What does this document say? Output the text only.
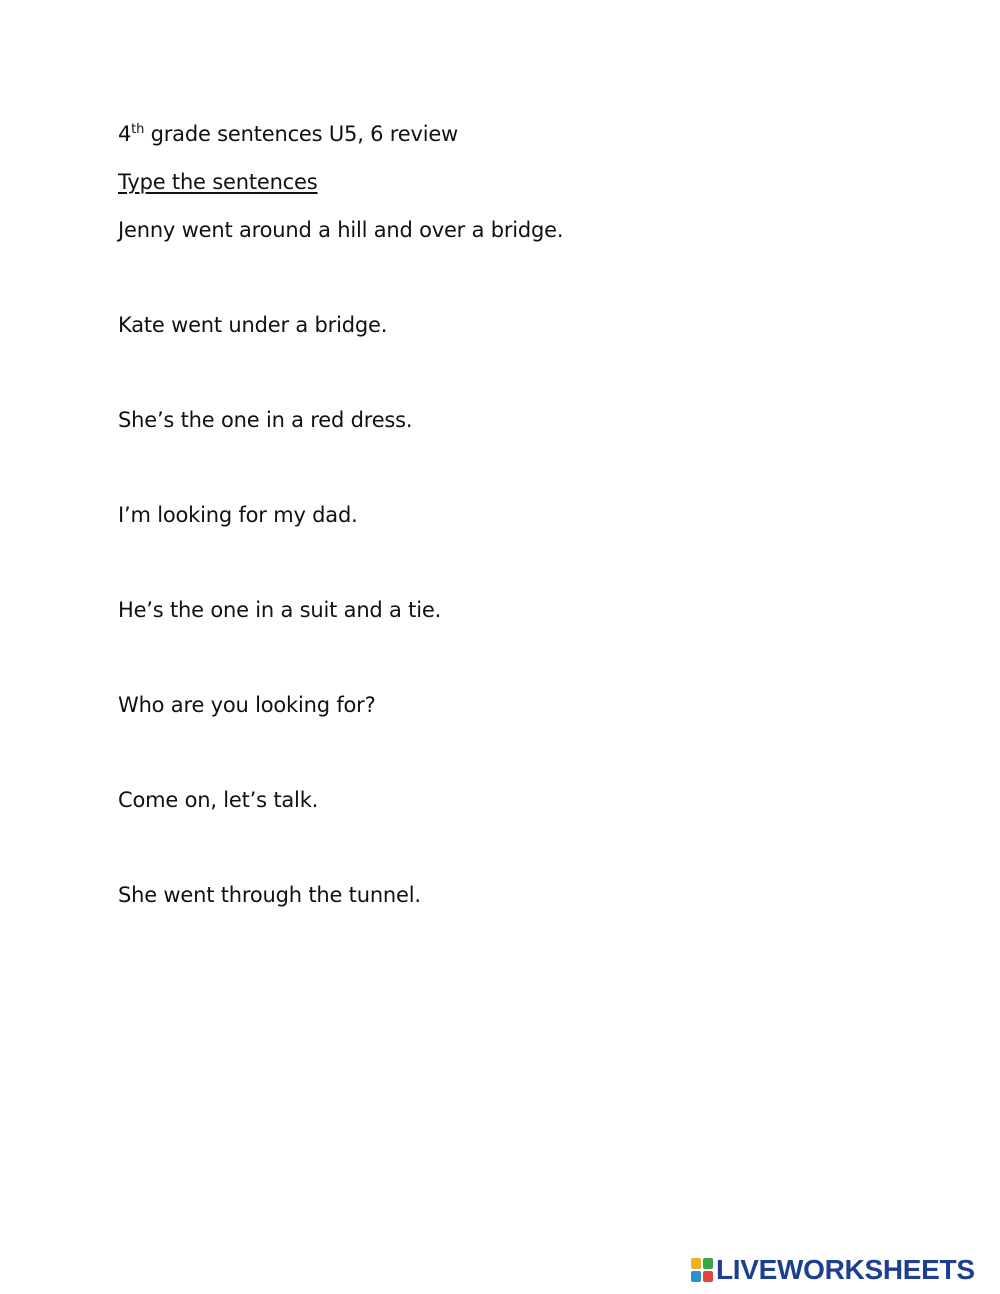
4th grade sentences U5, 6 review
Type the sentences
Jenny went around a hill and over a bridge.
Kate went under a bridge.
She’s the one in a red dress.
I’m looking for my dad.
He’s the one in a suit and a tie.
Who are you looking for?
Come on, let’s talk.
She went through the tunnel.
LIVEWORKSHEETS
